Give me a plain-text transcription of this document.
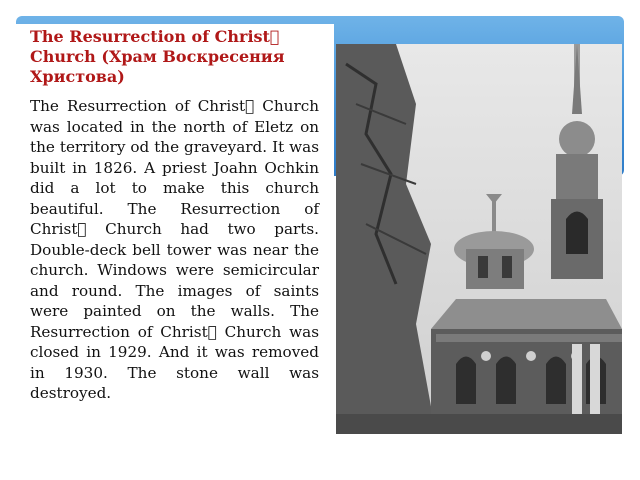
The Resurrection of Christ  Church (Храм Воскресения Христова)
The Resurrection of Christ  Church was located in the north of Eletz on the territory od the graveyard. It was built in 1826. A priest Joahn Ochkin did a lot to make this church beautiful. The Resurrection of Christ  Church had two parts. Double-deck bell tower was near the church. Windows were semicircular and round. The images of saints were painted on the walls. The Resurrection of Christ  Church was closed in 1929. And it was removed in 1930. The stone wall was destroyed.
